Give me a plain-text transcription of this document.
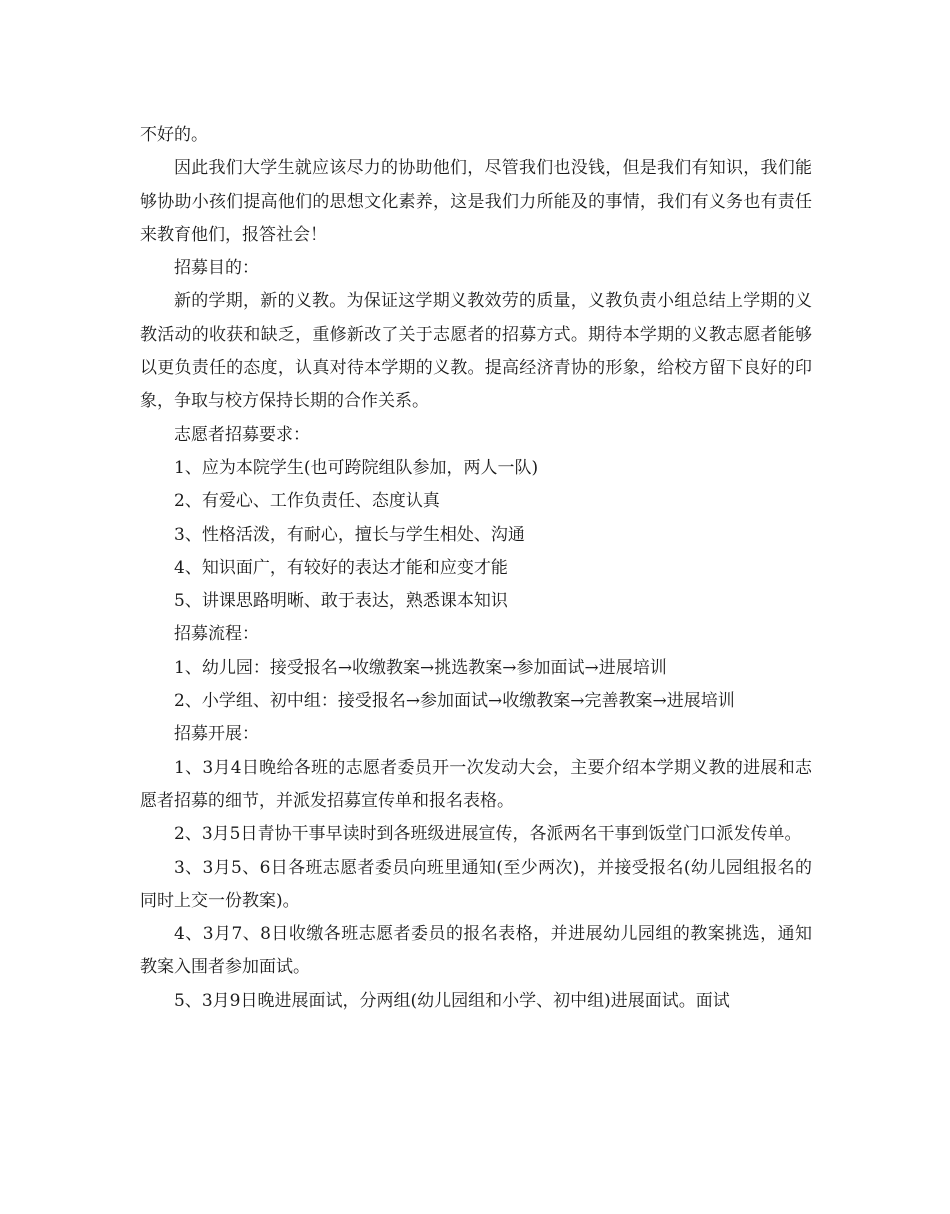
不好的。

因此我们大学生就应该尽力的协助他们，尽管我们也没钱，但是我们有知识，我们能够协助小孩们提高他们的思想文化素养，这是我们力所能及的事情，我们有义务也有责任来教育他们，报答社会！

招募目的：

新的学期，新的义教。为保证这学期义教效劳的质量，义教负责小组总结上学期的义教活动的收获和缺乏，重修新改了关于志愿者的招募方式。期待本学期的义教志愿者能够以更负责任的态度，认真对待本学期的义教。提高经济青协的形象，给校方留下良好的印象，争取与校方保持长期的合作关系。

志愿者招募要求：

1、应为本院学生(也可跨院组队参加，两人一队)

2、有爱心、工作负责任、态度认真

3、性格活泼，有耐心，擅长与学生相处、沟通

4、知识面广，有较好的表达才能和应变才能

5、讲课思路明晰、敢于表达，熟悉课本知识

招募流程：

1、幼儿园：接受报名→收缴教案→挑选教案→参加面试→进展培训

2、小学组、初中组：接受报名→参加面试→收缴教案→完善教案→进展培训

招募开展：

1、3月4日晚给各班的志愿者委员开一次发动大会，主要介绍本学期义教的进展和志愿者招募的细节，并派发招募宣传单和报名表格。

2、3月5日青协干事早读时到各班级进展宣传，各派两名干事到饭堂门口派发传单。

3、3月5、6日各班志愿者委员向班里通知(至少两次)，并接受报名(幼儿园组报名的同时上交一份教案)。

4、3月7、8日收缴各班志愿者委员的报名表格，并进展幼儿园组的教案挑选，通知教案入围者参加面试。

5、3月9日晚进展面试，分两组(幼儿园组和小学、初中组)进展面试。面试
